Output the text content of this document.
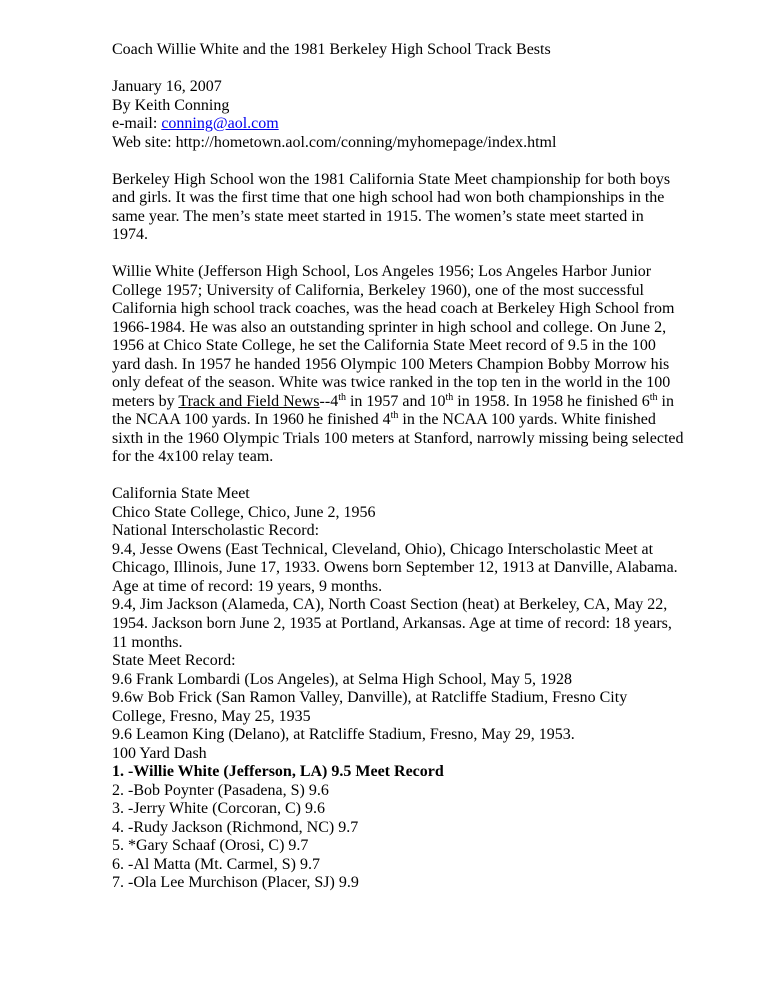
Coach Willie White and the 1981 Berkeley High School Track Bests
January 16, 2007
By Keith Conning
e-mail: conning@aol.com
Web site: http://hometown.aol.com/conning/myhomepage/index.html
Berkeley High School won the 1981 California State Meet championship for both boys
and girls. It was the first time that one high school had won both championships in the
same year. The men’s state meet started in 1915. The women’s state meet started in
1974.
Willie White (Jefferson High School, Los Angeles 1956; Los Angeles Harbor Junior
College 1957; University of California, Berkeley 1960), one of the most successful
California high school track coaches, was the head coach at Berkeley High School from
1966-1984. He was also an outstanding sprinter in high school and college. On June 2,
1956 at Chico State College, he set the California State Meet record of 9.5 in the 100
yard dash. In 1957 he handed 1956 Olympic 100 Meters Champion Bobby Morrow his
only defeat of the season. White was twice ranked in the top ten in the world in the 100
meters by Track and Field News--4th in 1957 and 10th in 1958. In 1958 he finished 6th in
the NCAA 100 yards. In 1960 he finished 4th in the NCAA 100 yards. White finished
sixth in the 1960 Olympic Trials 100 meters at Stanford, narrowly missing being selected
for the 4x100 relay team.
California State Meet
Chico State College, Chico, June 2, 1956
National Interscholastic Record:
9.4, Jesse Owens (East Technical, Cleveland, Ohio), Chicago Interscholastic Meet at
Chicago, Illinois, June 17, 1933. Owens born September 12, 1913 at Danville, Alabama.
Age at time of record: 19 years, 9 months.
9.4, Jim Jackson (Alameda, CA), North Coast Section (heat) at Berkeley, CA, May 22,
1954. Jackson born June 2, 1935 at Portland, Arkansas. Age at time of record: 18 years,
11 months.
State Meet Record:
9.6 Frank Lombardi (Los Angeles), at Selma High School, May 5, 1928
9.6w Bob Frick (San Ramon Valley, Danville), at Ratcliffe Stadium, Fresno City
College, Fresno, May 25, 1935
9.6 Leamon King (Delano), at Ratcliffe Stadium, Fresno, May 29, 1953.
100 Yard Dash
1. -Willie White (Jefferson, LA) 9.5 Meet Record
2. -Bob Poynter (Pasadena, S) 9.6
3. -Jerry White (Corcoran, C) 9.6
4. -Rudy Jackson (Richmond, NC) 9.7
5. *Gary Schaaf (Orosi, C) 9.7
6. -Al Matta (Mt. Carmel, S) 9.7
7. -Ola Lee Murchison (Placer, SJ) 9.9
